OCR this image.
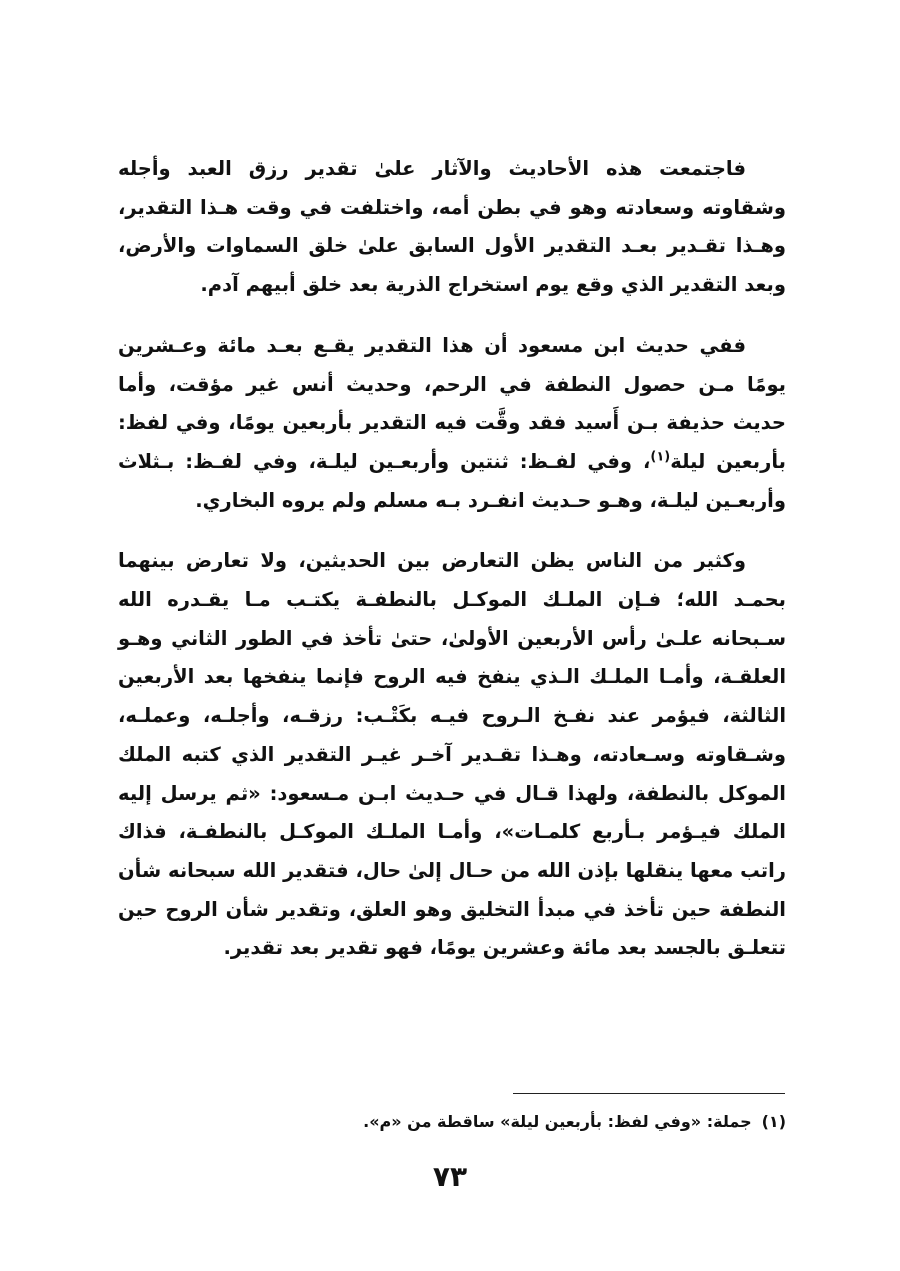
فاجتمعت هذه الأحاديث والآثار علىٰ تقدير رزق العبد وأجله وشقاوته وسعادته وهو في بطن أمه، واختلفت في وقت هـذا التقدير، وهـذا تقـدير بعـد التقدير الأول السابق علىٰ خلق السماوات والأرض، وبعد التقدير الذي وقع يوم استخراج الذرية بعد خلق أبيهم آدم.

ففي حديث ابن مسعود أن هذا التقدير يقـع بعـد مائة وعـشرين يومًا مـن حصول النطفة في الرحم، وحديث أنس غير مؤقت، وأما حديث حذيفة بـن أَسيد فقد وقَّت فيه التقدير بأربعين يومًا، وفي لفظ: بأربعين ليلة$^{(١)}$، وفي لفـظ: ثنتين وأربعـين ليلـة، وفي لفـظ: بـثلاث وأربعـين ليلـة، وهـو حـديث انفـرد بـه مسلم ولم يروه البخاري.

وكثير من الناس يظن التعارض بين الحديثين، ولا تعارض بينهما بحمـد الله؛ فـإن الملـك الموكـل بالنطفـة يكتـب مـا يقـدره الله سـبحانه علـىٰ رأس الأربعين الأولىٰ، حتىٰ تأخذ في الطور الثاني وهـو العلقـة، وأمـا الملـك الـذي ينفخ فيه الروح فإنما ينفخها بعد الأربعين الثالثة، فيؤمر عند نفـخ الـروح فيـه بكَتْـب: رزقـه، وأجلـه، وعملـه، وشـقاوته وسـعادته، وهـذا تقـدير آخـر غيـر التقدير الذي كتبه الملك الموكل بالنطفة، ولهذا قـال في حـديث ابـن مـسعود: «ثم يرسل إليه الملك فيـؤمر بـأربع كلمـات»، وأمـا الملـك الموكـل بالنطفـة، فذاك راتب معها ينقلها بإذن الله من حـال إلىٰ حال، فتقدير الله سبحانه شأن النطفة حين تأخذ في مبدأ التخليق وهو العلق، وتقدير شأن الروح حين تتعلـق بالجسد بعد مائة وعشرين يومًا، فهو تقدير بعد تقدير.

(١)جملة: «وفي لفظ: بأربعين ليلة» ساقطة من «م».
٧٣
